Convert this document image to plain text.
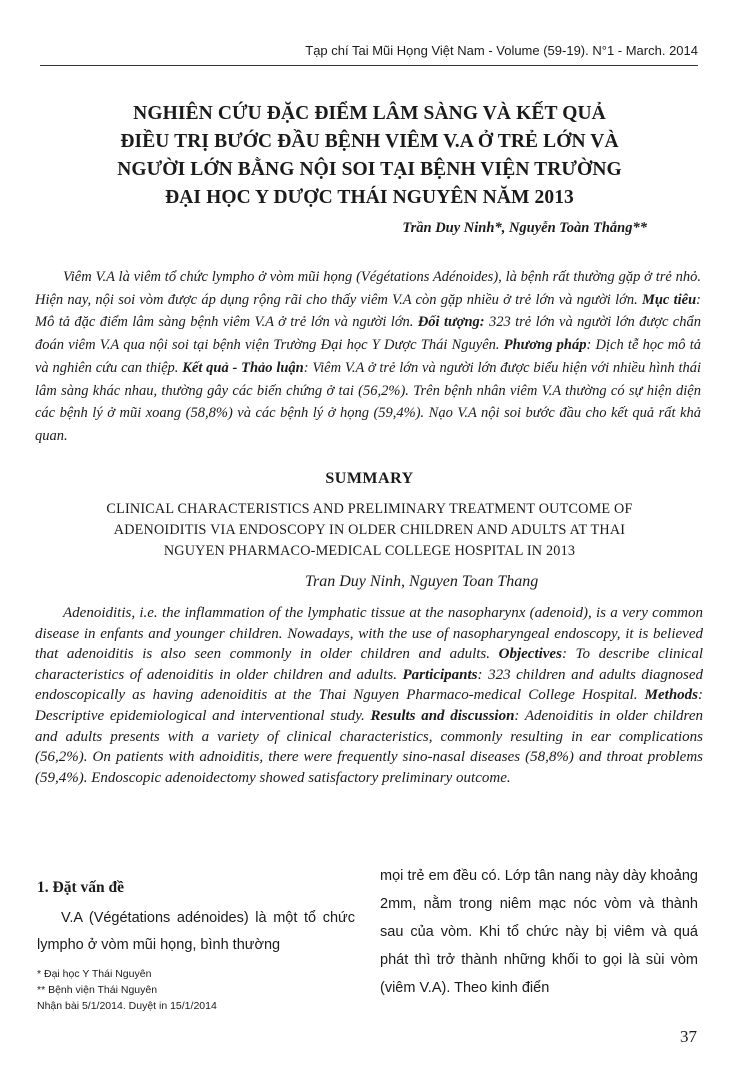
Tạp chí Tai Mũi Họng Việt Nam - Volume (59-19). N°1 - March. 2014
NGHIÊN CỨU ĐẶC ĐIỂM LÂM SÀNG VÀ KẾT QUẢ
ĐIỀU TRỊ BƯỚC ĐẦU BỆNH VIÊM V.A Ở TRẺ LỚN VÀ
NGƯỜI LỚN BẰNG NỘI SOI TẠI BỆNH VIỆN TRƯỜNG
ĐẠI HỌC Y DƯỢC THÁI NGUYÊN NĂM 2013
Trần Duy Ninh*, Nguyễn Toàn Thắng**
Viêm V.A là viêm tổ chức lympho ở vòm mũi họng (Végétations Adénoides), là bệnh rất thường gặp ở trẻ nhỏ. Hiện nay, nội soi vòm được áp dụng rộng rãi cho thấy viêm V.A còn gặp nhiều ở trẻ lớn và người lớn. Mục tiêu: Mô tả đặc điểm lâm sàng bệnh viêm V.A ở trẻ lớn và người lớn. Đối tượng: 323 trẻ lớn và người lớn được chẩn đoán viêm V.A qua nội soi tại bệnh viện Trường Đại học Y Dược Thái Nguyên. Phương pháp: Dịch tễ học mô tả và nghiên cứu can thiệp. Kết quả - Thảo luận: Viêm V.A ở trẻ lớn và người lớn được biểu hiện với nhiều hình thái lâm sàng khác nhau, thường gây các biến chứng ở tai (56,2%). Trên bệnh nhân viêm V.A thường có sự hiện diện các bệnh lý ở mũi xoang (58,8%) và các bệnh lý ở họng (59,4%). Nạo V.A nội soi bước đầu cho kết quả rất khả quan.
SUMMARY
CLINICAL CHARACTERISTICS AND PRELIMINARY TREATMENT OUTCOME OF
ADENOIDITIS VIA ENDOSCOPY IN OLDER CHILDREN AND ADULTS AT THAI
NGUYEN PHARMACO-MEDICAL COLLEGE HOSPITAL IN 2013
Tran Duy Ninh, Nguyen Toan Thang
Adenoiditis, i.e. the inflammation of the lymphatic tissue at the nasopharynx (adenoid), is a very common disease in enfants and younger children. Nowadays, with the use of nasopharyngeal endoscopy, it is believed that adenoiditis is also seen commonly in older children and adults. Objectives: To describe clinical characteristics of adenoiditis in older children and adults. Participants: 323 children and adults diagnosed endoscopically as having adenoiditis at the Thai Nguyen Pharmaco-medical College Hospital. Methods: Descriptive epidemiological and interventional study. Results and discussion: Adenoiditis in older children and adults presents with a variety of clinical characteristics, commonly resulting in ear complications (56,2%). On patients with adnoiditis, there were frequently sino-nasal diseases (58,8%) and throat problems (59,4%). Endoscopic adenoidectomy showed satisfactory preliminary outcome.
1. Đặt vấn đề

V.A (Végétations adénoides) là một tổ chức lympho ở vòm mũi họng, bình thường

* Đại học Y Thái Nguyên
** Bệnh viện Thái Nguyên
Nhận bài 5/1/2014. Duyệt in 15/1/2014
mọi trẻ em đều có. Lớp tân nang này dày khoảng 2mm, nằm trong niêm mạc nóc vòm và thành sau của vòm. Khi tổ chức này bị viêm và quá phát thì trở thành những khối to gọi là sùi vòm (viêm V.A). Theo kinh điển
37
